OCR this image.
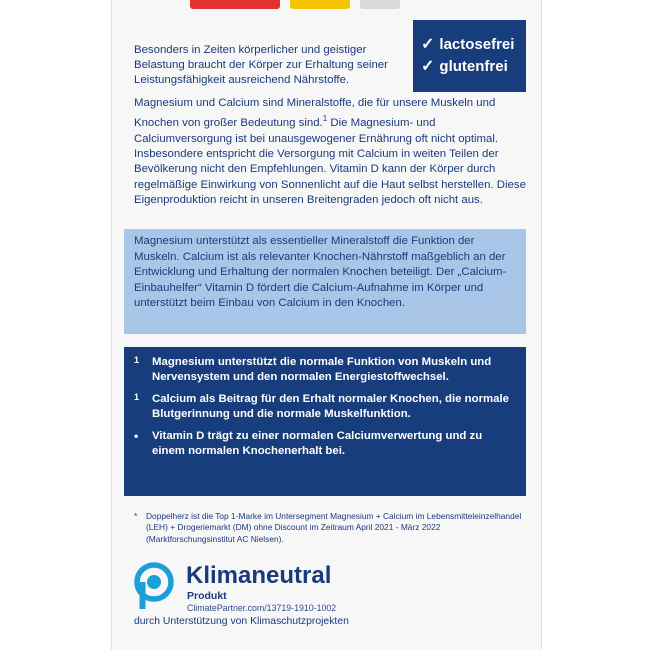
Besonders in Zeiten körperlicher und geistiger Belastung braucht der Körper zur Erhaltung seiner Leistungsfähigkeit ausreichend Nährstoffe.
✓ lactosefrei
✓ glutenfrei
Magnesium und Calcium sind Mineralstoffe, die für unsere Muskeln und Knochen von großer Bedeutung sind.$^1$ Die Magnesium- und Calciumversorgung ist bei unausgewogener Ernährung oft nicht optimal. Insbesondere entspricht die Versorgung mit Calcium in weiten Teilen der Bevölkerung nicht den Empfehlungen. Vitamin D kann der Körper durch regelmäßige Einwirkung von Sonnenlicht auf die Haut selbst herstellen. Diese Eigenproduktion reicht in unseren Breitengraden jedoch oft nicht aus.
Magnesium unterstützt als essentieller Mineralstoff die Funktion der Muskeln. Calcium ist als relevanter Knochen-Nährstoff maßgeblich an der Entwicklung und Erhaltung der normalen Knochen beteiligt. Der „Calcium-Einbauhelfer“ Vitamin D fördert die Calcium-Aufnahme im Körper und unterstützt beim Einbau von Calcium in den Knochen.
1	Magnesium unterstützt die normale Funktion von Muskeln und Nervensystem und den normalen Energiestoffwechsel.
1	Calcium als Beitrag für den Erhalt normaler Knochen, die normale Blutgerinnung und die normale Muskelfunktion.
•	Vitamin D trägt zu einer normalen Calciumverwertung und zu einem normalen Knochenerhalt bei.
*	Doppelherz ist die Top 1-Marke im Untersegment Magnesium + Calcium im Lebensmitteleinzelhandel (LEH) + Drogeriemarkt (DM) ohne Discount im Zeitraum April 2021 - März 2022 (Marktforschungsinstitut AC Nielsen).
Klimaneutral
Produkt
ClimatePartner.com/13719-1910-1002
durch Unterstützung von Klimaschutzprojekten
